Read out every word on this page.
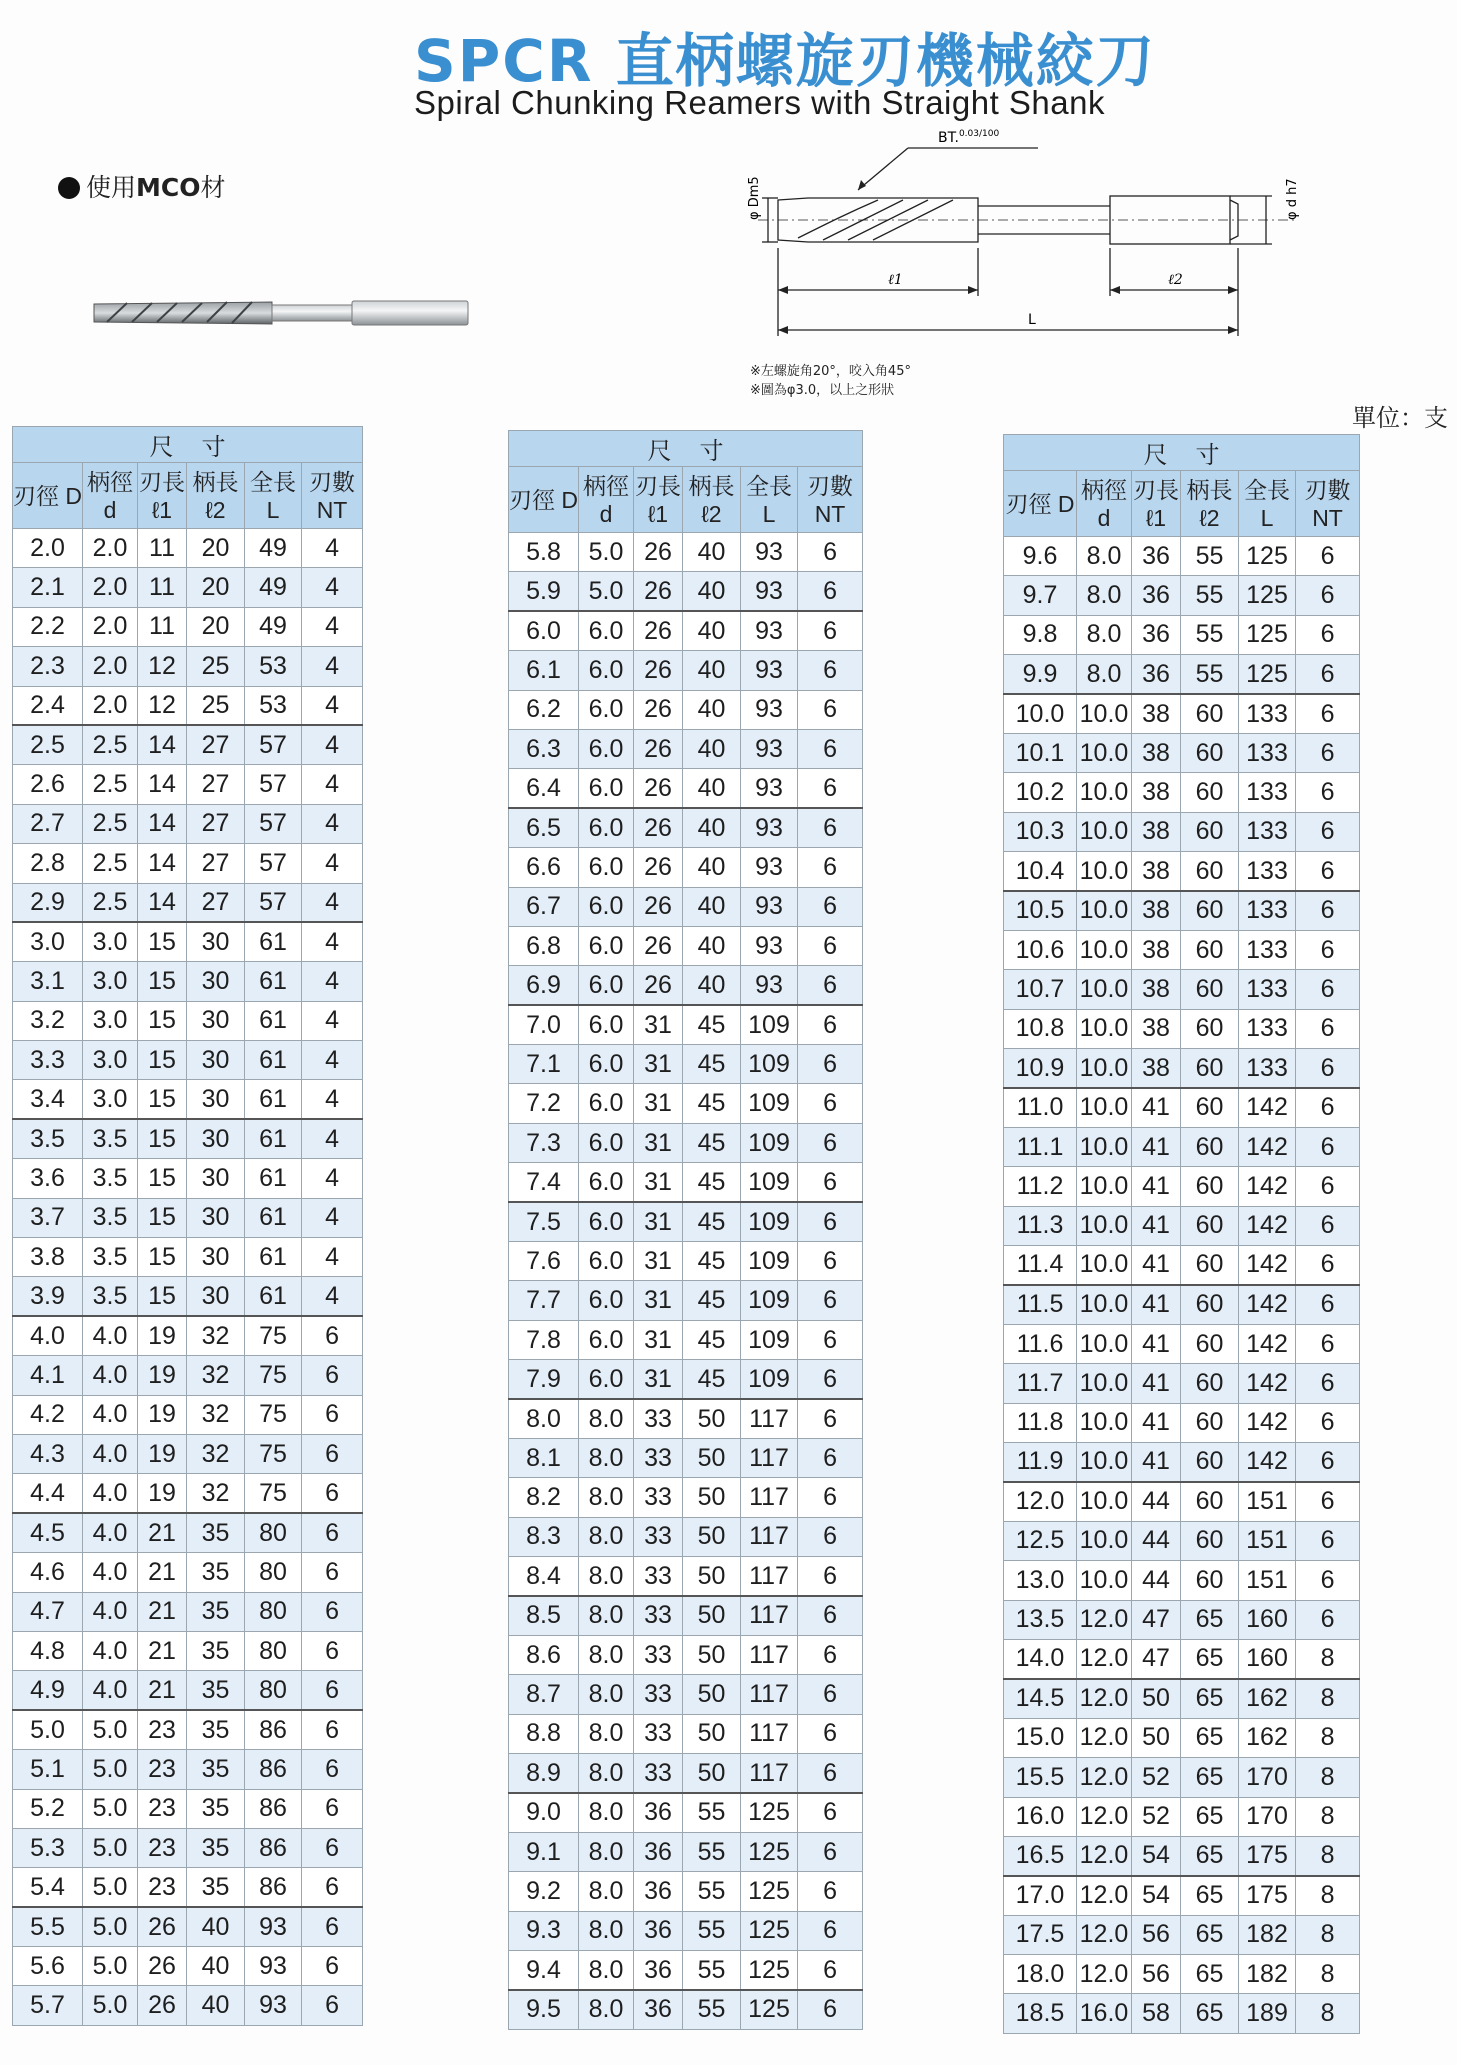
SPCR 直柄螺旋刃機械絞刀
Spiral Chunking Reamers with Straight Shank
使用MCO材
BT.$^{0.03/100}$
φ Dm5	φ d h7
ℓ1	ℓ2
L
※左螺旋角20°，咬入角45°
※圖為φ3.0，以上之形狀
單位：支
尺寸					
刃徑 D	柄徑 d	刃長 ℓ1	柄長 ℓ2	全長 L	刃數 NT
2.0	2.0	11	20	49	4
2.1	2.0	11	20	49	4
2.2	2.0	11	20	49	4
2.3	2.0	12	25	53	4
2.4	2.0	12	25	53	4
2.5	2.5	14	27	57	4
2.6	2.5	14	27	57	4
2.7	2.5	14	27	57	4
2.8	2.5	14	27	57	4
2.9	2.5	14	27	57	4
3.0	3.0	15	30	61	4
3.1	3.0	15	30	61	4
3.2	3.0	15	30	61	4
3.3	3.0	15	30	61	4
3.4	3.0	15	30	61	4
3.5	3.5	15	30	61	4
3.6	3.5	15	30	61	4
3.7	3.5	15	30	61	4
3.8	3.5	15	30	61	4
3.9	3.5	15	30	61	4
4.0	4.0	19	32	75	6
4.1	4.0	19	32	75	6
4.2	4.0	19	32	75	6
4.3	4.0	19	32	75	6
4.4	4.0	19	32	75	6
4.5	4.0	21	35	80	6
4.6	4.0	21	35	80	6
4.7	4.0	21	35	80	6
4.8	4.0	21	35	80	6
4.9	4.0	21	35	80	6
5.0	5.0	23	35	86	6
5.1	5.0	23	35	86	6
5.2	5.0	23	35	86	6
5.3	5.0	23	35	86	6
5.4	5.0	23	35	86	6
5.5	5.0	26	40	93	6
5.6	5.0	26	40	93	6
5.7	5.0	26	40	93	6
尺寸					
刃徑 D	柄徑 d	刃長 ℓ1	柄長 ℓ2	全長 L	刃數 NT
5.8	5.0	26	40	93	6
5.9	5.0	26	40	93	6
6.0	6.0	26	40	93	6
6.1	6.0	26	40	93	6
6.2	6.0	26	40	93	6
6.3	6.0	26	40	93	6
6.4	6.0	26	40	93	6
6.5	6.0	26	40	93	6
6.6	6.0	26	40	93	6
6.7	6.0	26	40	93	6
6.8	6.0	26	40	93	6
6.9	6.0	26	40	93	6
7.0	6.0	31	45	109	6
7.1	6.0	31	45	109	6
7.2	6.0	31	45	109	6
7.3	6.0	31	45	109	6
7.4	6.0	31	45	109	6
7.5	6.0	31	45	109	6
7.6	6.0	31	45	109	6
7.7	6.0	31	45	109	6
7.8	6.0	31	45	109	6
7.9	6.0	31	45	109	6
8.0	8.0	33	50	117	6
8.1	8.0	33	50	117	6
8.2	8.0	33	50	117	6
8.3	8.0	33	50	117	6
8.4	8.0	33	50	117	6
8.5	8.0	33	50	117	6
8.6	8.0	33	50	117	6
8.7	8.0	33	50	117	6
8.8	8.0	33	50	117	6
8.9	8.0	33	50	117	6
9.0	8.0	36	55	125	6
9.1	8.0	36	55	125	6
9.2	8.0	36	55	125	6
9.3	8.0	36	55	125	6
9.4	8.0	36	55	125	6
9.5	8.0	36	55	125	6
尺寸					
刃徑 D	柄徑 d	刃長 ℓ1	柄長 ℓ2	全長 L	刃數 NT
9.6	8.0	36	55	125	6
9.7	8.0	36	55	125	6
9.8	8.0	36	55	125	6
9.9	8.0	36	55	125	6
10.0	10.0	38	60	133	6
10.1	10.0	38	60	133	6
10.2	10.0	38	60	133	6
10.3	10.0	38	60	133	6
10.4	10.0	38	60	133	6
10.5	10.0	38	60	133	6
10.6	10.0	38	60	133	6
10.7	10.0	38	60	133	6
10.8	10.0	38	60	133	6
10.9	10.0	38	60	133	6
11.0	10.0	41	60	142	6
11.1	10.0	41	60	142	6
11.2	10.0	41	60	142	6
11.3	10.0	41	60	142	6
11.4	10.0	41	60	142	6
11.5	10.0	41	60	142	6
11.6	10.0	41	60	142	6
11.7	10.0	41	60	142	6
11.8	10.0	41	60	142	6
11.9	10.0	41	60	142	6
12.0	10.0	44	60	151	6
12.5	10.0	44	60	151	6
13.0	10.0	44	60	151	6
13.5	12.0	47	65	160	6
14.0	12.0	47	65	160	8
14.5	12.0	50	65	162	8
15.0	12.0	50	65	162	8
15.5	12.0	52	65	170	8
16.0	12.0	52	65	170	8
16.5	12.0	54	65	175	8
17.0	12.0	54	65	175	8
17.5	12.0	56	65	182	8
18.0	12.0	56	65	182	8
18.5	16.0	58	65	189	8
